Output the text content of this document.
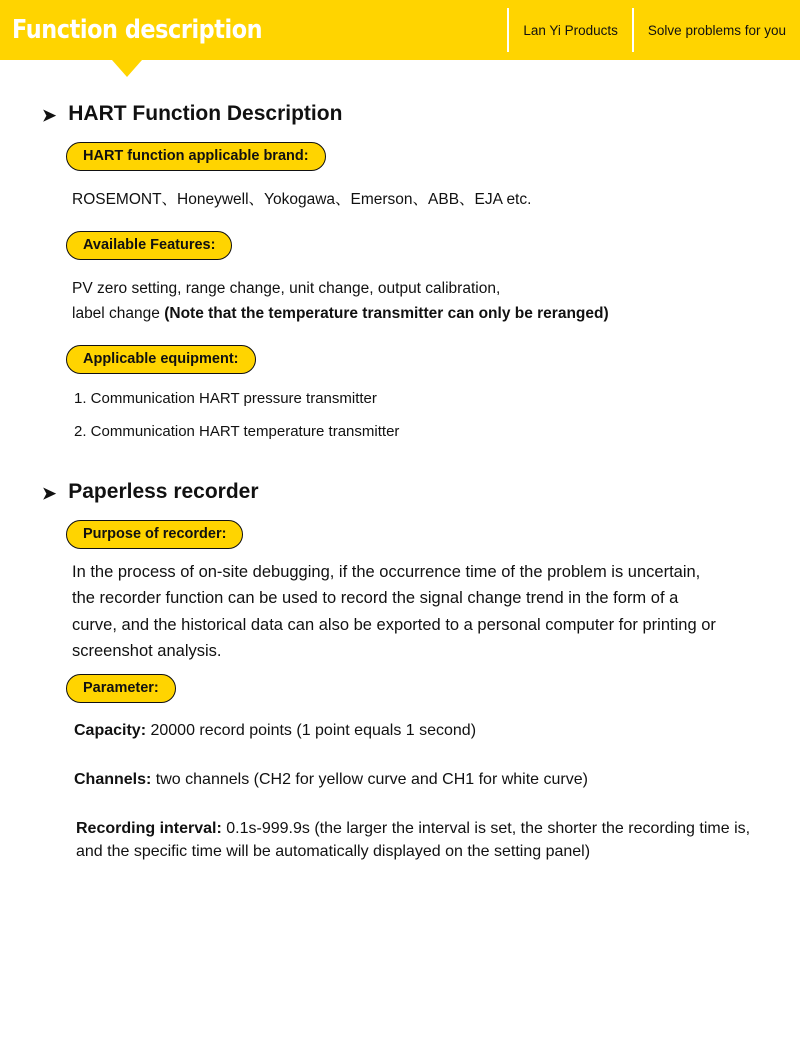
Function description	Lan Yi Products	Solve problems for you
➤ HART Function Description
HART function applicable brand:
ROSEMONT、Honeywell、Yokogawa、Emerson、ABB、EJA etc.
Available Features:
PV zero setting, range change, unit change, output calibration,
label change (Note that the temperature transmitter can only be reranged)
Applicable equipment:
1. Communication HART pressure transmitter
2. Communication HART temperature transmitter
➤ Paperless recorder
Purpose of recorder:
In the process of on-site debugging, if the occurrence time of the problem is uncertain, the recorder function can be used to record the signal change trend in the form of a curve, and the historical data can also be exported to a personal computer for printing or screenshot analysis.
Parameter:
Capacity: 20000 record points (1 point equals 1 second)
Channels: two channels (CH2 for yellow curve and CH1 for white curve)
Recording interval: 0.1s-999.9s (the larger the interval is set, the shorter the recording time is, and the specific time will be automatically displayed on the setting panel)
